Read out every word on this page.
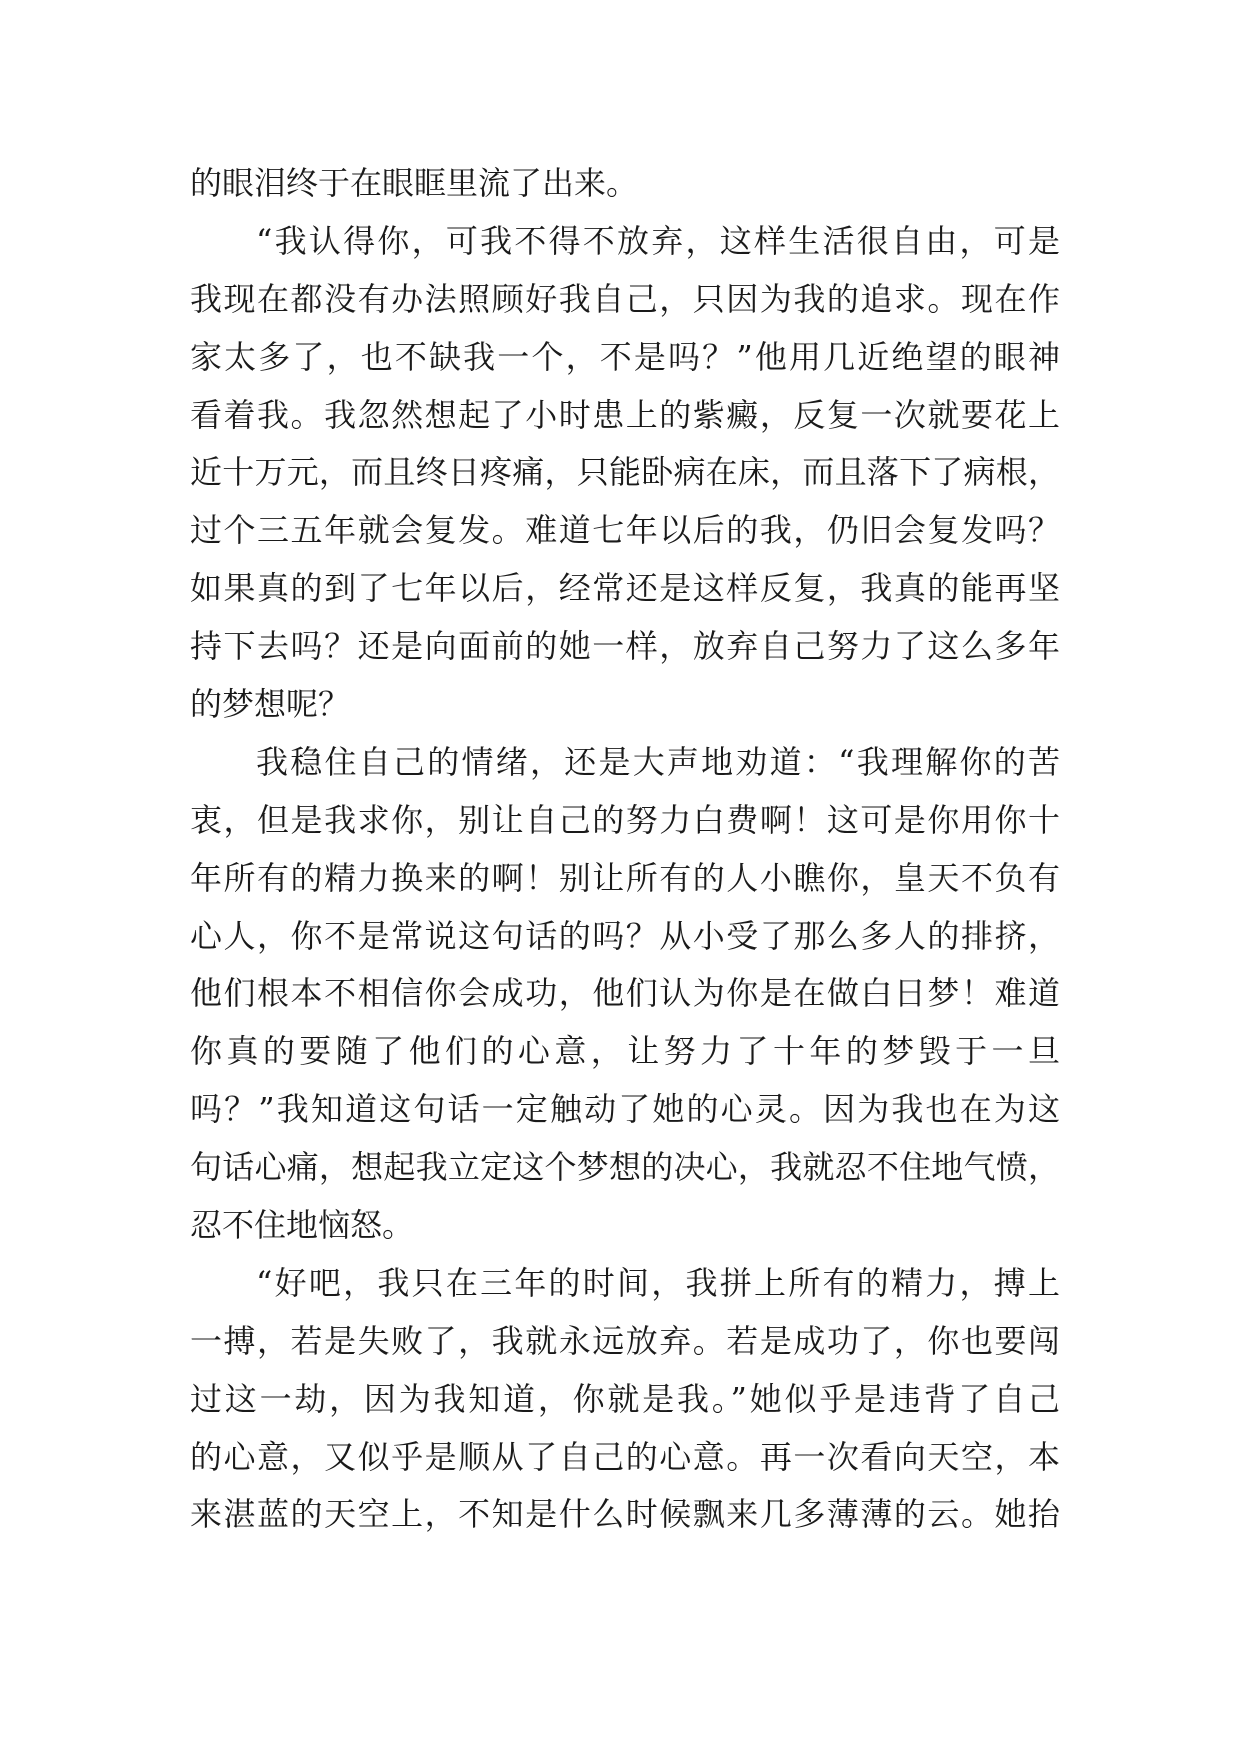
的眼泪终于在眼眶里流了出来。
“我认得你，可我不得不放弃，这样生活很自由，可是
我现在都没有办法照顾好我自己，只因为我的追求。现在作
家太多了，也不缺我一个，不是吗？”他用几近绝望的眼神
看着我。我忽然想起了小时患上的紫癜，反复一次就要花上
近十万元，而且终日疼痛，只能卧病在床，而且落下了病根，
过个三五年就会复发。难道七年以后的我，仍旧会复发吗？
如果真的到了七年以后，经常还是这样反复，我真的能再坚
持下去吗？还是向面前的她一样，放弃自己努力了这么多年
的梦想呢？
我稳住自己的情绪，还是大声地劝道：“我理解你的苦
衷，但是我求你，别让自己的努力白费啊！这可是你用你十
年所有的精力换来的啊！别让所有的人小瞧你，皇天不负有
心人，你不是常说这句话的吗？从小受了那么多人的排挤，
他们根本不相信你会成功，他们认为你是在做白日梦！难道
你真的要随了他们的心意，让努力了十年的梦毁于一旦
吗？”我知道这句话一定触动了她的心灵。因为我也在为这
句话心痛，想起我立定这个梦想的决心，我就忍不住地气愤，
忍不住地恼怒。
“好吧，我只在三年的时间，我拼上所有的精力，搏上
一搏，若是失败了，我就永远放弃。若是成功了，你也要闯
过这一劫，因为我知道，你就是我。”她似乎是违背了自己
的心意，又似乎是顺从了自己的心意。再一次看向天空，本
来湛蓝的天空上，不知是什么时候飘来几多薄薄的云。她抬
